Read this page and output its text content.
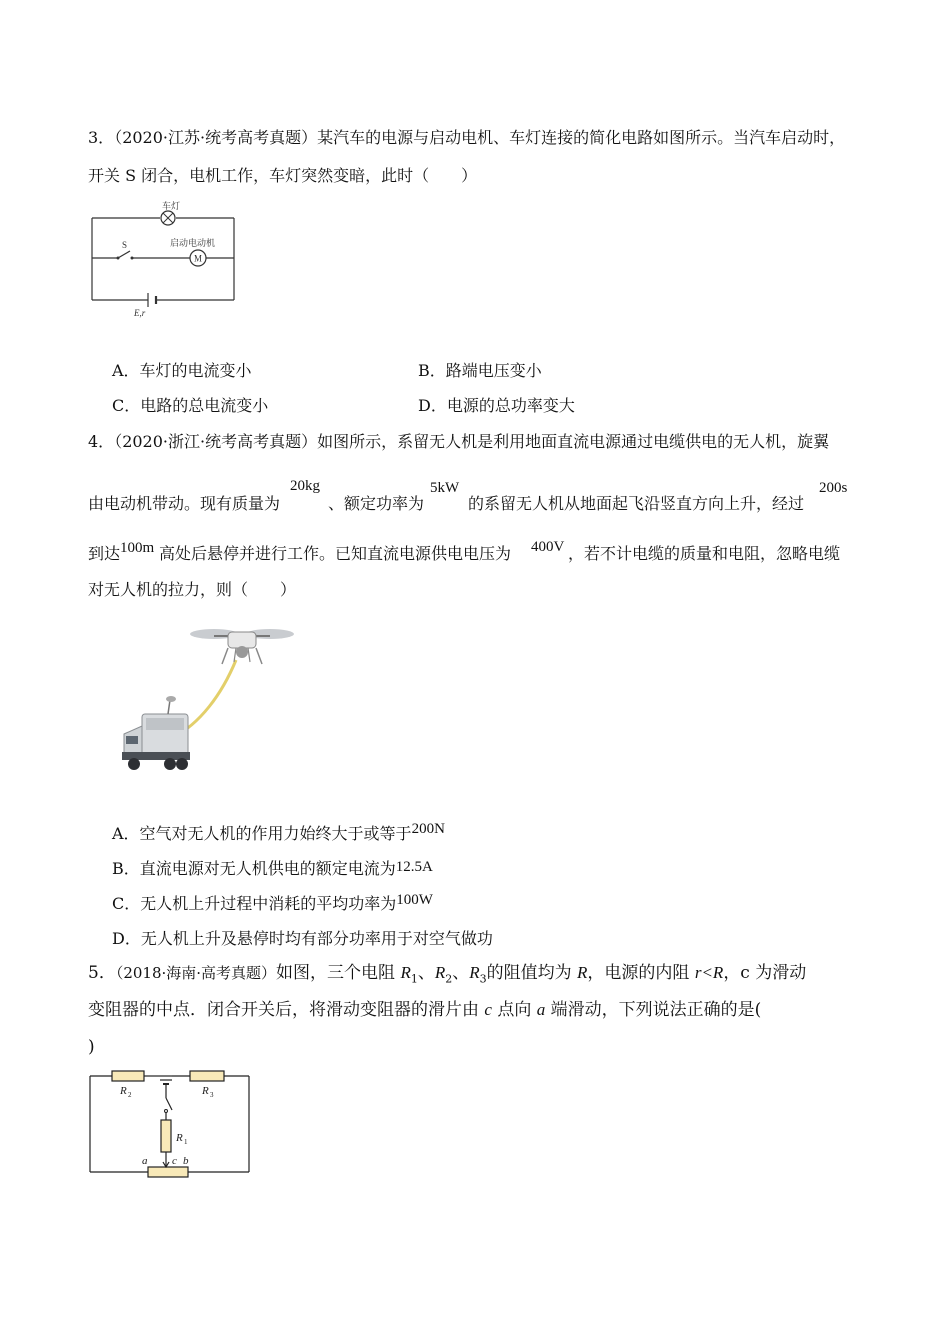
3．（2020·江苏·统考高考真题）某汽车的电源与启动电机、车灯连接的简化电路如图所示。当汽车启动时，
开关 S 闭合，电机工作，车灯突然变暗，此时（　　）
车灯
S	启动电动机
M
E,r
A．车灯的电流变小	B．路端电压变小
C．电路的总电流变小	D．电源的总功率变大
4．（2020·浙江·统考高考真题）如图所示，系留无人机是利用地面直流电源通过电缆供电的无人机，旋翼
由电动机带动。现有质量为
20kg
、额定功率为
5kW
的系留无人机从地面起飞沿竖直方向上升，经过
200s
到达 100m 高处后悬停并进行工作。已知直流电源供电电压为 400V ，若不计电缆的质量和电阻，忽略电缆
对无人机的拉力，则（　　）
A．空气对无人机的作用力始终大于或等于200N
B．直流电源对无人机供电的额定电流为12.5A
C．无人机上升过程中消耗的平均功率为100W
D．无人机上升及悬停时均有部分功率用于对空气做功
5．（2018·海南·高考真题）如图，三个电阻 $R_1$、$R_2$、$R_3$的阻值均为 R，电源的内阻 r<R，c 为滑动
变阻器的中点．闭合开关后，将滑动变阻器的滑片由 c 点向 a 端滑动，下列说法正确的是(
)
R 2	R 3
R 1
a c b
